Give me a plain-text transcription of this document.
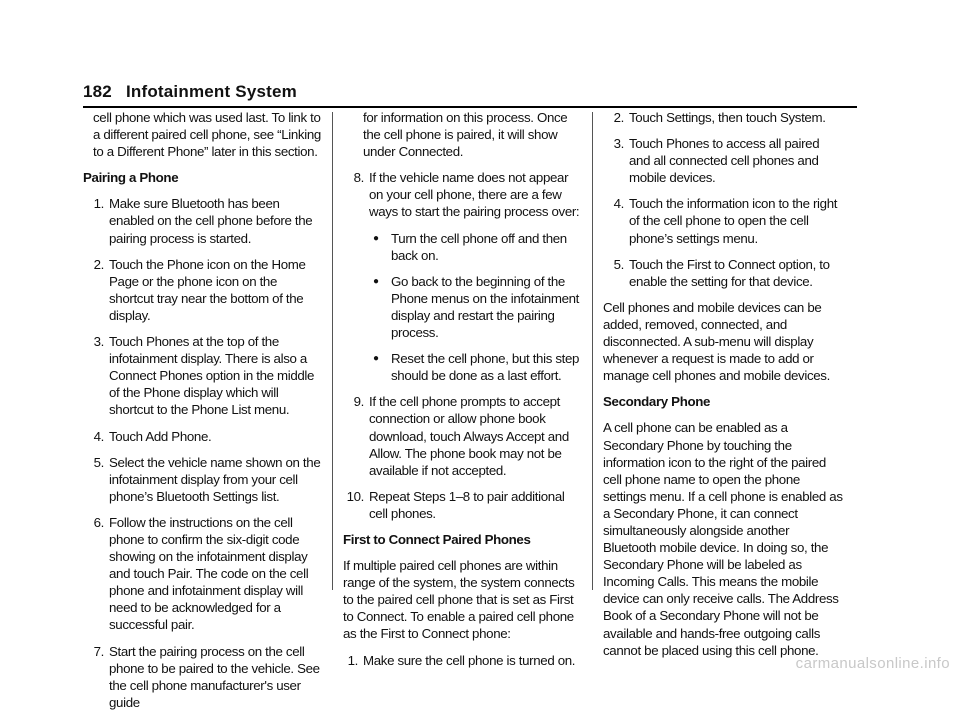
182 Infotainment System

cell phone which was used last. To link to a different paired cell phone, see “Linking to a Different Phone” later in this section.

Pairing a Phone

1. Make sure Bluetooth has been enabled on the cell phone before the pairing process is started.
2. Touch the Phone icon on the Home Page or the phone icon on the shortcut tray near the bottom of the display.
3. Touch Phones at the top of the infotainment display. There is also a Connect Phones option in the middle of the Phone display which will shortcut to the Phone List menu.
4. Touch Add Phone.
5. Select the vehicle name shown on the infotainment display from your cell phone’s Bluetooth Settings list.
6. Follow the instructions on the cell phone to confirm the six-digit code showing on the infotainment display and touch Pair. The code on the cell phone and infotainment display will need to be acknowledged for a successful pair.
7. Start the pairing process on the cell phone to be paired to the vehicle. See the cell phone manufacturer's user guide

for information on this process. Once the cell phone is paired, it will show under Connected.

8. If the vehicle name does not appear on your cell phone, there are a few ways to start the pairing process over:
● Turn the cell phone off and then back on.
● Go back to the beginning of the Phone menus on the infotainment display and restart the pairing process.
● Reset the cell phone, but this step should be done as a last effort.
9. If the cell phone prompts to accept connection or allow phone book download, touch Always Accept and Allow. The phone book may not be available if not accepted.
10. Repeat Steps 1–8 to pair additional cell phones.

First to Connect Paired Phones

If multiple paired cell phones are within range of the system, the system connects to the paired cell phone that is set as First to Connect. To enable a paired cell phone as the First to Connect phone:

1. Make sure the cell phone is turned on.
2. Touch Settings, then touch System.
3. Touch Phones to access all paired and all connected cell phones and mobile devices.
4. Touch the information icon to the right of the cell phone to open the cell phone’s settings menu.
5. Touch the First to Connect option, to enable the setting for that device.

Cell phones and mobile devices can be added, removed, connected, and disconnected. A sub-menu will display whenever a request is made to add or manage cell phones and mobile devices.

Secondary Phone

A cell phone can be enabled as a Secondary Phone by touching the information icon to the right of the paired cell phone name to open the phone settings menu. If a cell phone is enabled as a Secondary Phone, it can connect simultaneously alongside another Bluetooth mobile device. In doing so, the Secondary Phone will be labeled as Incoming Calls. This means the mobile device can only receive calls. The Address Book of a Secondary Phone will not be available and hands-free outgoing calls cannot be placed using this cell phone.

carmanualsonline.info
